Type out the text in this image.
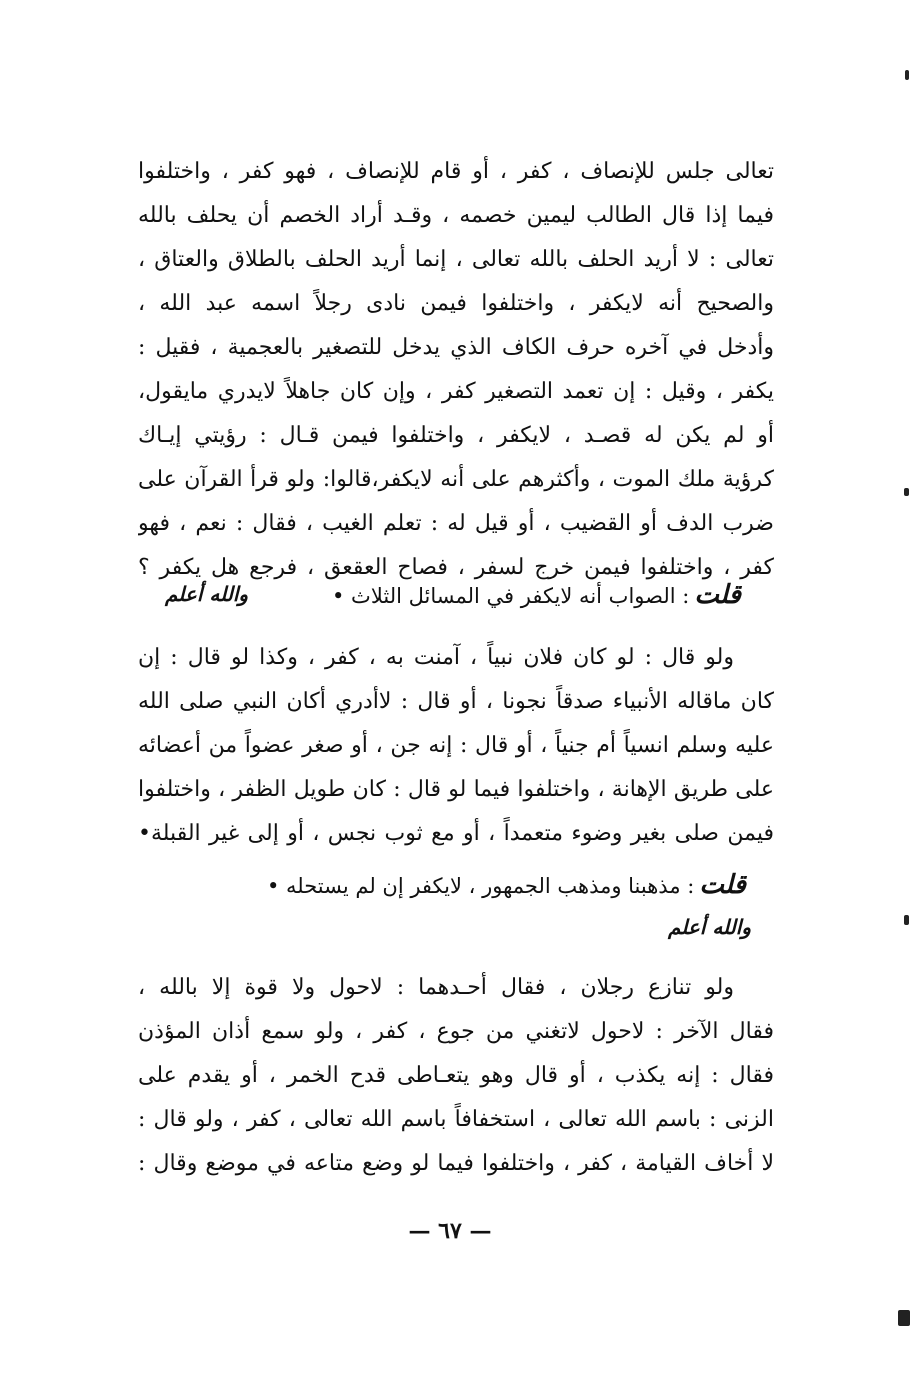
تعالى جلس للإنصاف ، كفر ، أو قام للإنصاف ، فهو كفر ، واختلفوا
فيما إذا قال الطالب ليمين خصمه ، وقـد أراد الخصم أن يحلف بالله
تعالى : لا أريد الحلف بالله تعالى ، إنما أريد الحلف بالطلاق والعتاق ،
والصحيح أنه لايكفر ، واختلفوا فيمن نادى رجلاً اسمه عبد الله ،
وأدخل في آخره حرف الكاف الذي يدخل للتصغير بالعجمية ، فقيل :
يكفر ، وقيل : إن تعمد التصغير كفر ، وإن كان جاهلاً لايدري مايقول،
أو لم يكن له قصـد ، لايكفر ، واختلفوا فيمن قـال : رؤيتي إيـاك
كرؤية ملك الموت ، وأكثرهم على أنه لايكفر،قالوا: ولو قرأ القرآن على
ضرب الدف أو القضيب ، أو قيل له : تعلم الغيب ، فقال : نعم ، فهو
كفر ، واختلفوا فيمن خرج لسفر ، فصاح العقعق ، فرجع هل يكفر ؟
قلت : الصواب أنه لايكفر في المسائل الثلاث •
والله أعلم
ولو قال : لو كان فلان نبياً ، آمنت به ، كفر ، وكذا لو قال : إن
كان ماقاله الأنبياء صدقاً نجونا ، أو قال : لاأدري أكان النبي صلى الله
عليه وسلم انسياً أم جنياً ، أو قال : إنه جن ، أو صغر عضواً من أعضائه
على طريق الإهانة ، واختلفوا فيما لو قال : كان طويل الظفر ، واختلفوا
فيمن صلى بغير وضوء متعمداً ، أو مع ثوب نجس ، أو إلى غير القبلة•
قلت : مذهبنا ومذهب الجمهور ، لايكفر إن لم يستحله •
والله أعلم
ولو تنازع رجلان ، فقال أحـدهما : لاحول ولا قوة إلا بالله ،
فقال الآخر : لاحول لاتغني من جوع ، كفر ، ولو سمع أذان المؤذن
فقال : إنه يكذب ، أو قال وهو يتعـاطى قدح الخمر ، أو يقدم على
الزنى : باسم الله تعالى ، استخفافاً باسم الله تعالى ، كفر ، ولو قال :
لا أخاف القيامة ، كفر ، واختلفوا فيما لو وضع متاعه في موضع وقال :
— ٦٧ —
